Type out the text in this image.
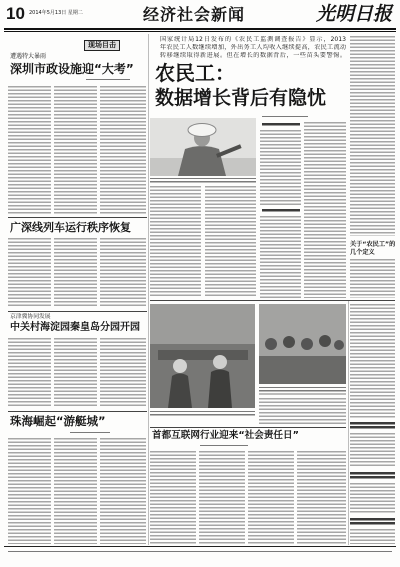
10 2014年5月13日 星期二	经济社会新闻	光明日报
现场目击
遭遇特大暴雨
深圳市政设施迎“大考”
广深线列车运行秩序恢复
京津冀协同发展
中关村海淀园秦皇岛分园开园
珠海崛起“游艇城”
国家统计局12日发布的《农民工监测调查报告》显示，2013
年农民工人数继续增加，外出务工人均收入继续提高，农民工流动
转移继续取得新进展。但在增长的数据背后，一些苗头要警惕。
农民工：
数据增长背后有隐忧
关于“农民工”的几个定义
首都互联网行业迎来“社会责任日”
